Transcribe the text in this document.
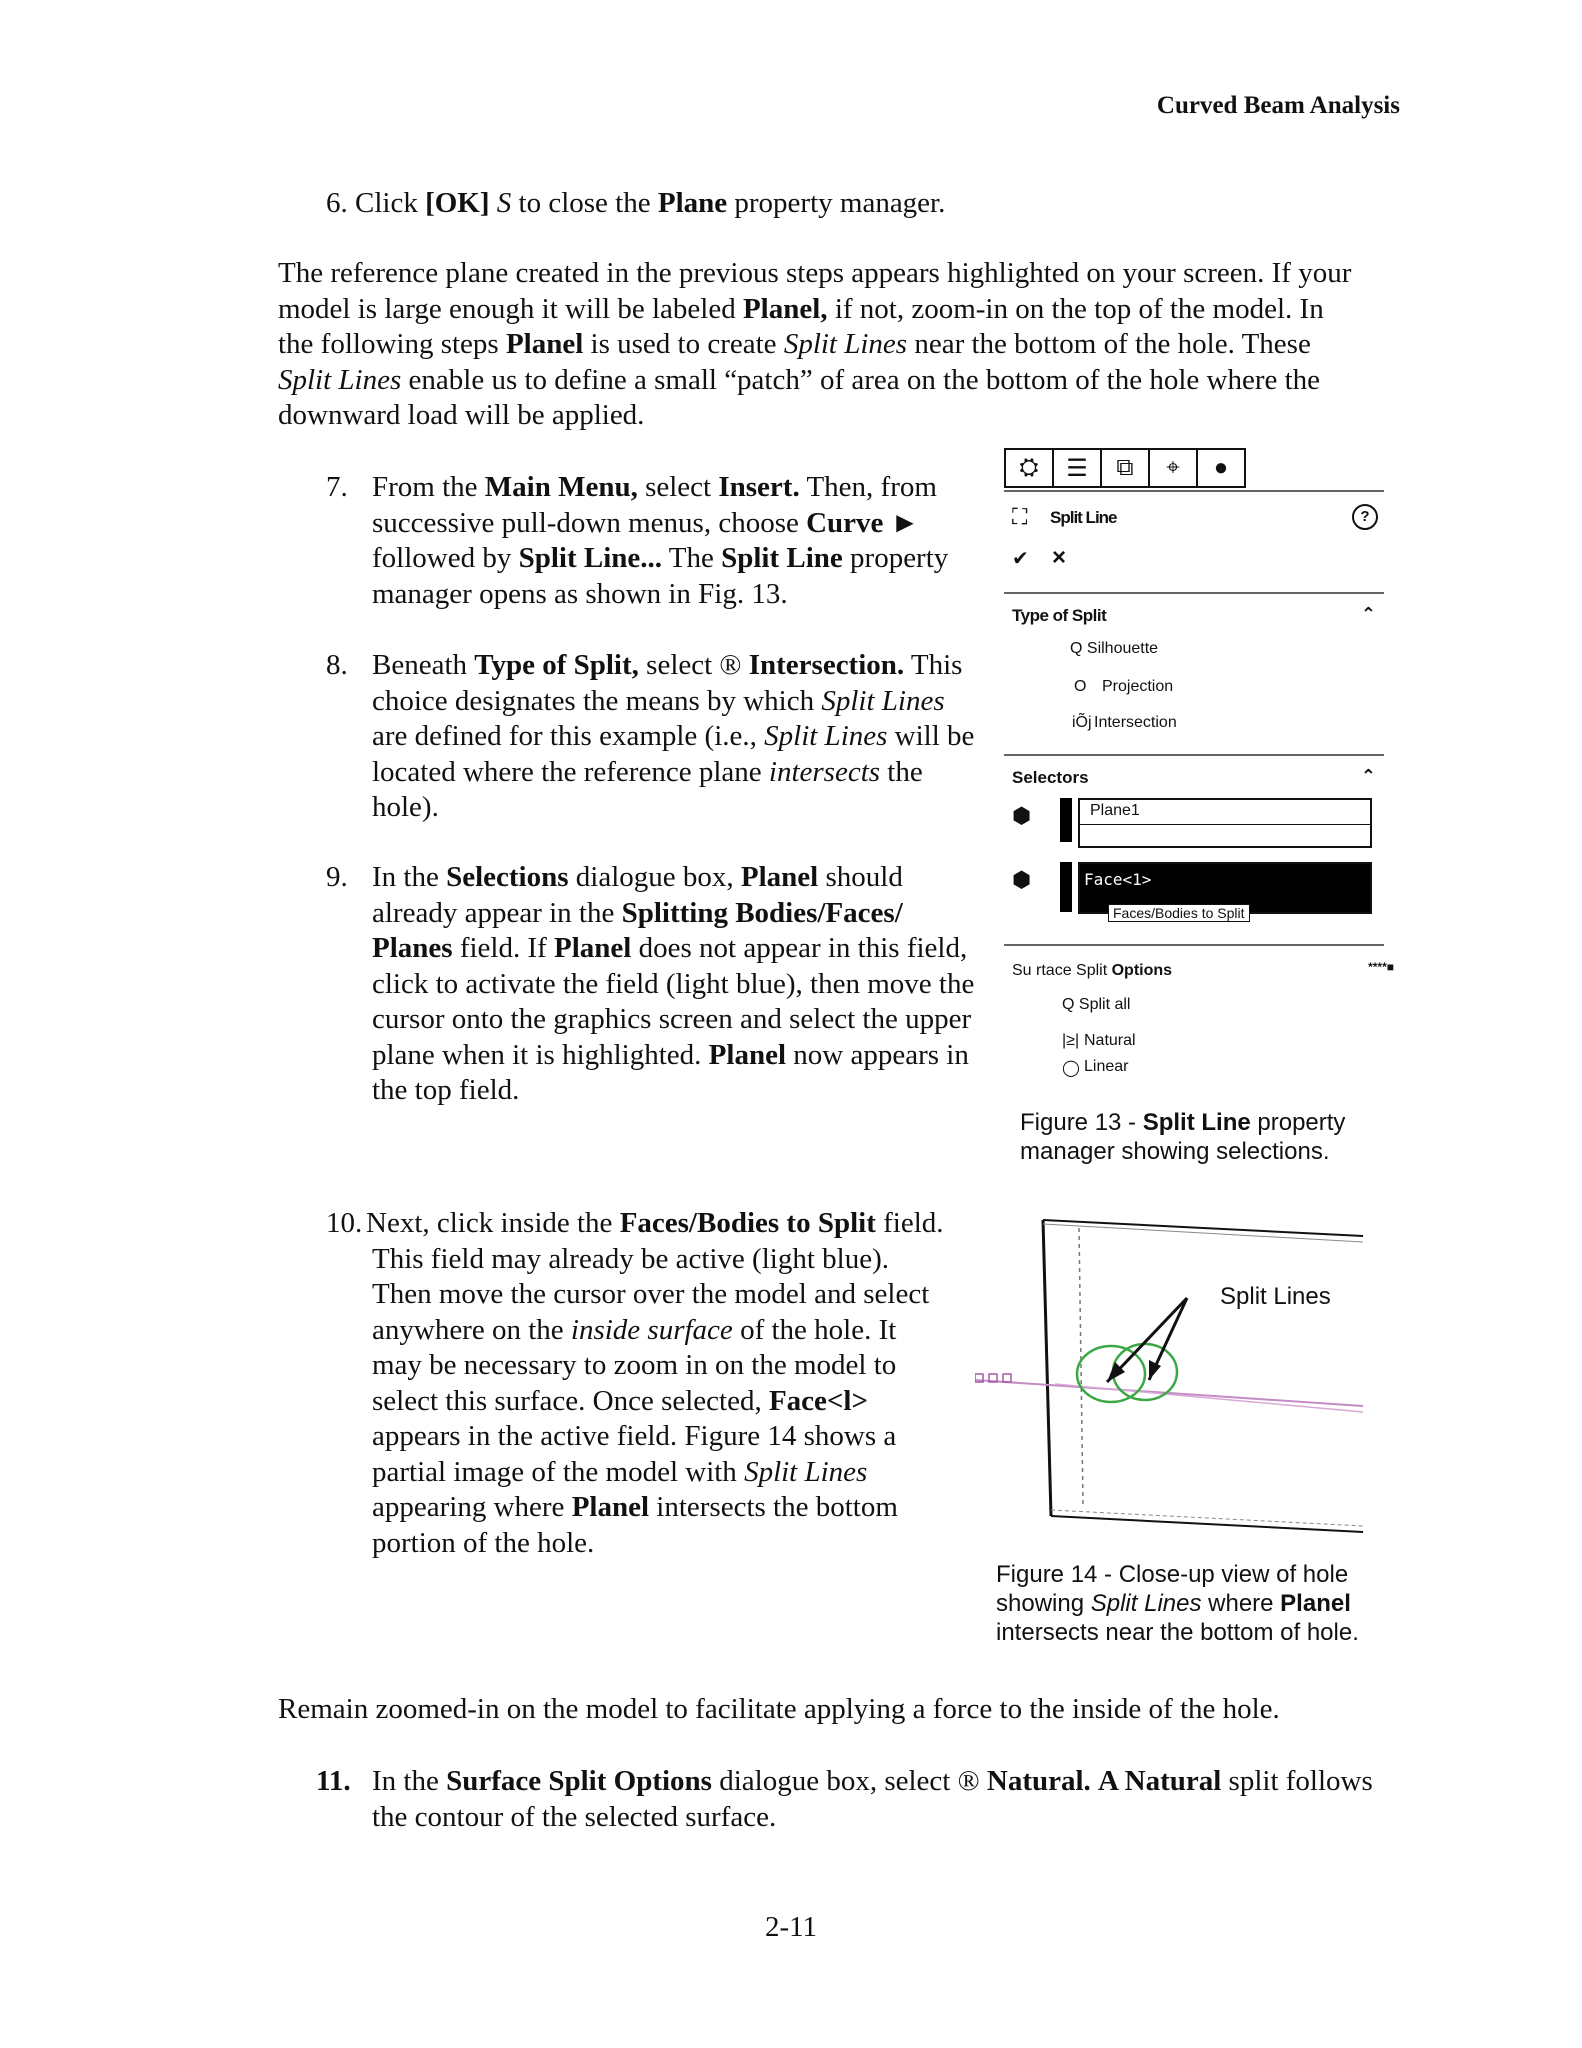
Curved Beam Analysis
6. Click [OK] S to close the Plane property manager.
The reference plane created in the previous steps appears highlighted on your screen. If your model is large enough it will be labeled Planel, if not, zoom-in on the top of the model. In the following steps Planel is used to create Split Lines near the bottom of the hole. These Split Lines enable us to define a small “patch” of area on the bottom of the hole where the downward load will be applied.
7. From the Main Menu, select Insert. Then, from successive pull-down menus, choose Curve ► followed by Split Line... The Split Line property manager opens as shown in Fig. 13.
8. Beneath Type of Split, select ® Intersection. This choice designates the means by which Split Lines are defined for this example (i.e., Split Lines will be located where the reference plane intersects the hole).
9. In the Selections dialogue box, Planel should already appear in the Splitting Bodies/Faces/ Planes field. If Planel does not appear in this field, click to activate the field (light blue), then move the cursor onto the graphics screen and select the upper plane when it is highlighted. Planel now appears in the top field.
10. Next, click inside the Faces/Bodies to Split field. This field may already be active (light blue). Then move the cursor over the model and select anywhere on the inside surface of the hole. It may be necessary to zoom in on the model to select this surface. Once selected, Face<l> appears in the active field. Figure 14 shows a partial image of the model with Split Lines appearing where Planel intersects the bottom portion of the hole.
Remain zoomed-in on the model to facilitate applying a force to the inside of the hole.
11. In the Surface Split Options dialogue box, select ® Natural. A Natural split follows the contour of the selected surface.
2-11
⛭	☰	⧉	⌖	●
⛶ Split Line	?
✔ ×
Type of Split	⌃
Q Silhouette
O Projection
iÕj Intersection
Selectors	⌃
⬢	Plane1
⬢	Face<1>
Faces/Bodies to Split
Su rtace Split Options	****■
Q Split all
|≥| Natural
◯ Linear
Figure 13 - Split Line property manager showing selections.
Split Lines
Figure 14 - Close-up view of hole showing Split Lines where Planel intersects near the bottom of hole.
